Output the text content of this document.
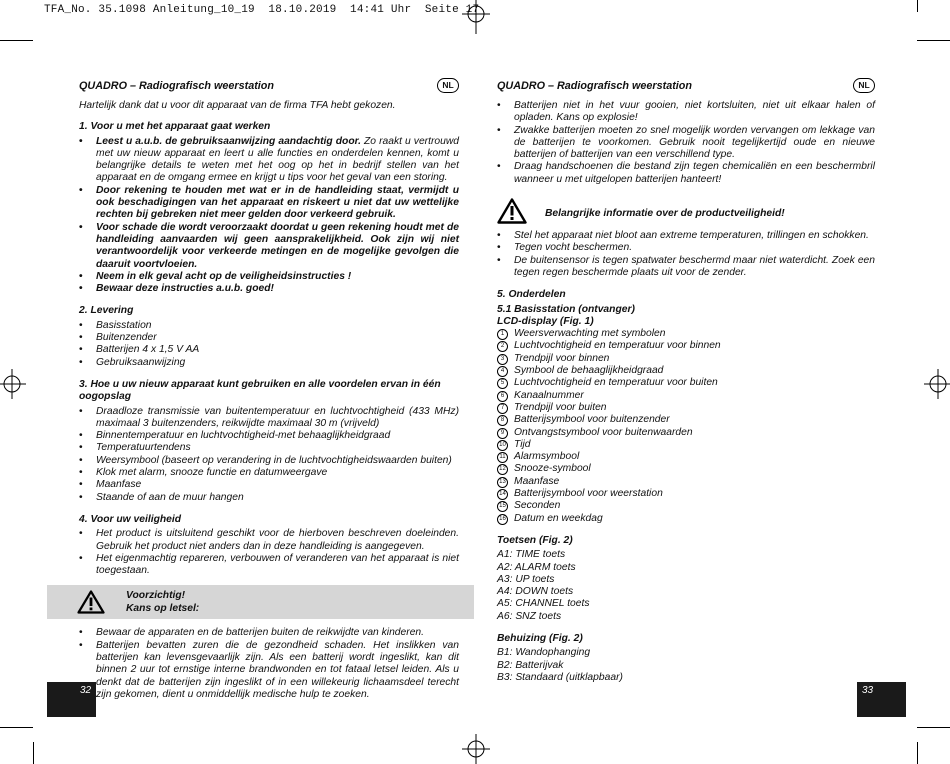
TFA_No. 35.1098 Anleitung_10_19  18.10.2019  14:41 Uhr  Seite 17
QUADRO – Radiografisch weerstation	NL

Hartelijk dank dat u voor dit apparaat van de firma TFA hebt gekozen.

1. Voor u met het apparaat gaat werken

• Leest u a.u.b. de gebruiksaanwijzing aandachtig door. Zo raakt u vertrouwd met uw nieuw apparaat en leert u alle functies en onderdelen kennen, komt u belangrijke details te weten met het oog op het in bedrijf stellen van het apparaat en de omgang ermee en krijgt u tips voor het geval van een storing.
• Door rekening te houden met wat er in de handleiding staat, vermijdt u ook beschadigingen van het apparaat en riskeert u niet dat uw wettelijke rechten bij gebreken niet meer gelden door verkeerd gebruik.
• Voor schade die wordt veroorzaakt doordat u geen rekening houdt met de handleiding aanvaarden wij geen aansprakelijkheid. Ook zijn wij niet verantwoordelijk voor verkeerde metingen en de mogelijke gevolgen die daaruit voortvloeien.
• Neem in elk geval acht op de veiligheidsinstructies !
• Bewaar deze instructies a.u.b. goed!

2. Levering

• Basisstation
• Buitenzender
• Batterijen 4 x 1,5 V AA
• Gebruiksaanwijzing

3. Hoe u uw nieuw apparaat kunt gebruiken en alle voordelen ervan in één oogopslag

• Draadloze transmissie van buitentemperatuur en luchtvochtigheid (433 MHz) maximaal 3 buitenzenders, reikwijdte maximaal 30 m (vrijveld)
• Binnentemperatuur en luchtvochtigheid-met behaaglijkheidgraad
• Temperatuurtendens
• Weersymbool (baseert op verandering in de luchtvochtigheidswaarden buiten)
• Klok met alarm, snooze functie en datumweergave
• Maanfase
• Staande of aan de muur hangen

4. Voor uw veiligheid

• Het product is uitsluitend geschikt voor de hierboven beschreven doeleinden. Gebruik het product niet anders dan in deze handleiding is aangegeven.
• Het eigenmachtig repareren, verbouwen of veranderen van het apparaat is niet toegestaan.
Voorzichtig!
Kans op letsel:
• Bewaar de apparaten en de batterijen buiten de reikwijdte van kinderen.
• Batterijen bevatten zuren die de gezondheid schaden. Het inslikken van batterijen kan levensgevaarlijk zijn. Als een batterij wordt ingeslikt, kan dit binnen 2 uur tot ernstige interne brandwonden en tot fataal letsel leiden. Als u denkt dat de batterijen zijn ingeslikt of in een willekeurig lichaamsdeel terecht zijn gekomen, dient u onmiddellijk medische hulp te zoeken.
QUADRO – Radiografisch weerstation	NL
• Batterijen niet in het vuur gooien, niet kortsluiten, niet uit elkaar halen of opladen. Kans op explosie!
• Zwakke batterijen moeten zo snel mogelijk worden vervangen om lekkage van de batterijen te voorkomen. Gebruik nooit tegelijkertijd oude en nieuwe batterijen of batterijen van een verschillend type.
• Draag handschoenen die bestand zijn tegen chemicaliën en een beschermbril wanneer u met uitgelopen batterijen hanteert!
Belangrijke informatie over de productveiligheid!
• Stel het apparaat niet bloot aan extreme temperaturen, trillingen en schokken.
• Tegen vocht beschermen.
• De buitensensor is tegen spatwater beschermd maar niet waterdicht. Zoek een tegen regen beschermde plaats uit voor de zender.

5. Onderdelen

5.1 Basisstation (ontvanger)

LCD-display (Fig. 1)

1 Weersverwachting met symbolen
2 Luchtvochtigheid en temperatuur voor binnen
3 Trendpijl voor binnen
4 Symbool de behaaglijkheidgraad
5 Luchtvochtigheid en temperatuur voor buiten
6 Kanaalnummer
7 Trendpijl voor buiten
8 Batterijsymbool voor buitenzender
9 Ontvangstsymbool voor buitenwaarden
10 Tijd
11 Alarmsymbool
12 Snooze-symbool
13 Maanfase
14 Batterijsymbool voor weerstation
15 Seconden
16 Datum en weekdag

Toetsen (Fig. 2)

A1: TIME toets
A2: ALARM toets
A3: UP toets
A4: DOWN toets
A5: CHANNEL toets
A6: SNZ toets

Behuizing (Fig. 2)

B1: Wandophanging
B2: Batterijvak
B3: Standaard (uitklapbaar)
32	33
